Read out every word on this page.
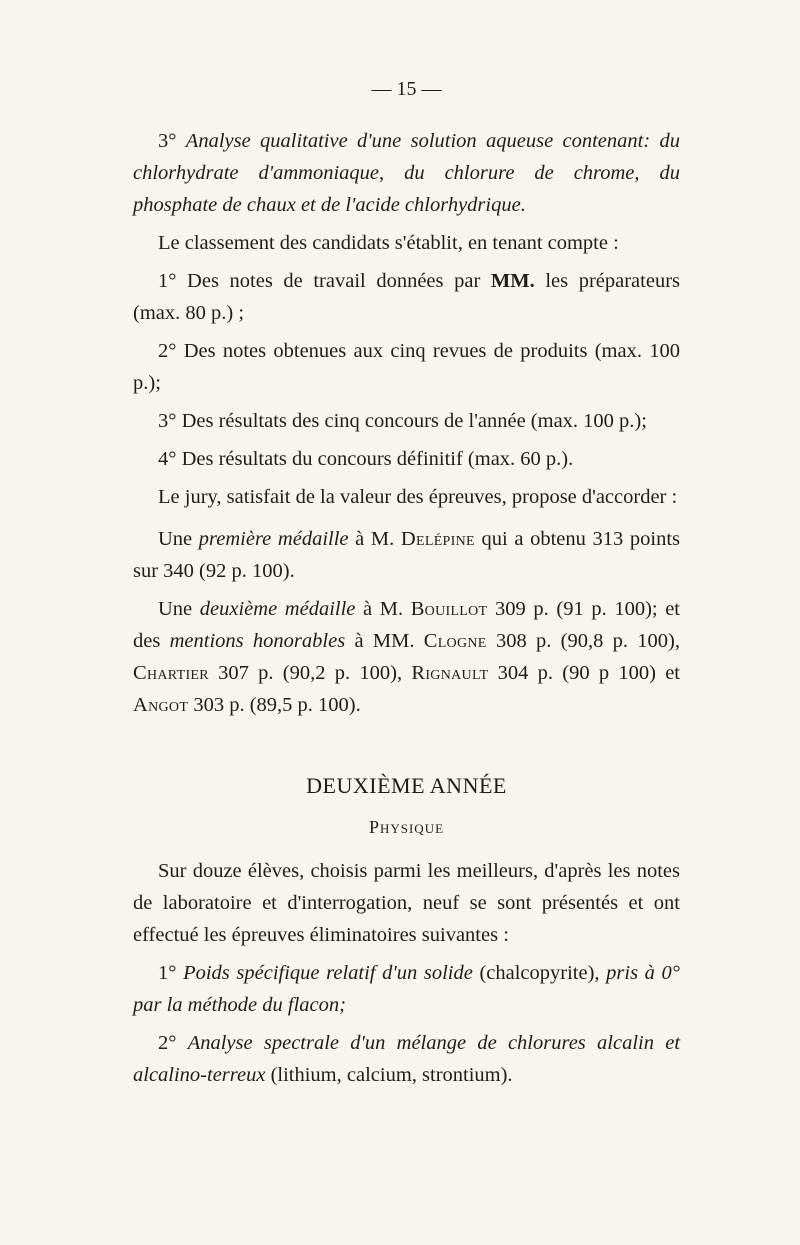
— 15 —

3° Analyse qualitative d'une solution aqueuse contenant: du chlorhydrate d'ammoniaque, du chlorure de chrome, du phosphate de chaux et de l'acide chlorhydrique.

Le classement des candidats s'établit, en tenant compte :

1° Des notes de travail données par MM. les préparateurs (max. 80 p.) ;

2° Des notes obtenues aux cinq revues de produits (max. 100 p.);

3° Des résultats des cinq concours de l'année (max. 100 p.);

4° Des résultats du concours définitif (max. 60 p.).

Le jury, satisfait de la valeur des épreuves, propose d'accorder :

Une première médaille à M. Delépine qui a obtenu 313 points sur 340 (92 p. 100).

Une deuxième médaille à M. Bouillot 309 p. (91 p. 100); et des mentions honorables à MM. Clogne 308 p. (90,8 p. 100), Chartier 307 p. (90,2 p. 100), Rignault 304 p. (90 p 100) et Angot 303 p. (89,5 p. 100).

DEUXIÈME ANNÉE
Physique

Sur douze élèves, choisis parmi les meilleurs, d'après les notes de laboratoire et d'interrogation, neuf se sont présentés et ont effectué les épreuves éliminatoires suivantes :

1° Poids spécifique relatif d'un solide (chalcopyrite), pris à 0° par la méthode du flacon;

2° Analyse spectrale d'un mélange de chlorures alcalin et alcalino-terreux (lithium, calcium, strontium).
